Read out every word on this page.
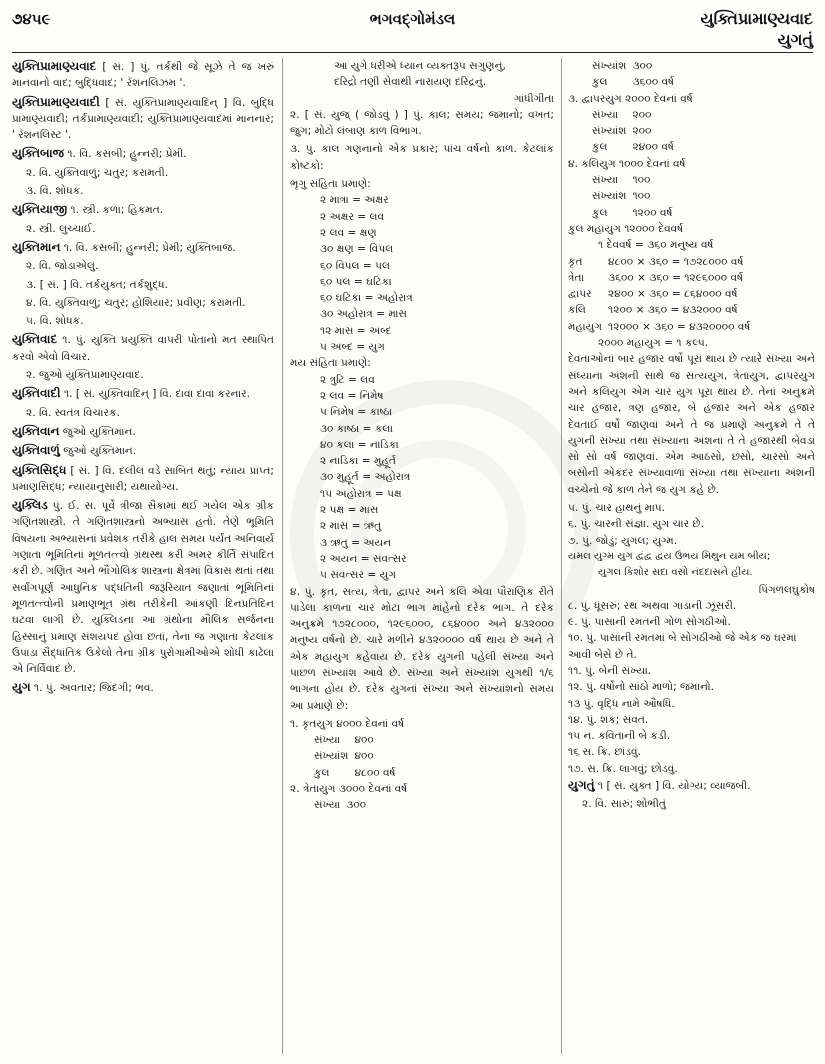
૭૪૫૯	ભગવદ્ગોમંડલ	યુક્તિપ્રામાણ્યવાદ
યુગતું

યુક્તિપ્રામાણ્યવાદ [ સં. ] પું. તર્કથી જે સૂઝે તે જ ખરું માનવાનો વાદ; બુદ્ધિવાદ; ' રૅશનલિઝમ '.

યુક્તિપ્રામાણ્યવાદી [ સં. યુક્તિપ્રામાણ્યવાદિન્ ] વિ. બુદ્ધિ પ્રામાણ્યવાદી; તર્કપ્રામાણ્યવાદી; યુક્તિપ્રામાણ્યવાદમાં માનનાર; ' રૅશનલિસ્ટ '.

યુક્તિબાજ ૧. વિ. કસબી; હુન્નરી; પ્રેમી.

૨. વિ. યુક્તિવાળું; ચતુર; કરામતી.

૩. વિ. શોધક.

યુક્તિયાજી ૧. સ્ત્રી. કળા; હિકમત.

૨. સ્ત્રી. લુચ્ચાઈ.

યુક્તિમાન ૧. વિ. કસબી; હુન્નરી; પ્રેમી; યુક્તિબાજ.

૨. વિ. જોડાએલું.

૩. [ સં. ] વિ. તર્કયુક્ત; તર્કશુદ્ધ.

૪. વિ. યુક્તિવાળું; ચતુર; હોશિયાર; પ્રવીણ; કરામતી.

૫. વિ. શોધક.

યુક્તિવાદ ૧. પું. યુક્તિ પ્રયુક્તિ વાપરી પોતાનો મત સ્થાપિત કરવો એવો વિચાર.

૨. જુઓ યુક્તિપ્રામાણ્યવાદ.

યુક્તિવાદી ૧. [ સં. યુક્તિવાદિન્ ] વિ. દાવા દાવા કરનાર.

૨. વિ. સ્વતંત્ર વિચારક.

યુક્તિવાન જુઓ યુક્તિમાન.

યુક્તિવાળું જુઓ યુક્તિમાન.

યુક્તિસિદ્ધ [ સં. ] વિ. દલીલ વડે સાબિત થતું; ન્યાય પ્રાપ્ત; પ્રમાણસિદ્ધ; ન્યાયાનુસારી; યથાયોગ્ય.

યુક્લિડ પું. ઈ. સ. પૂર્વે ત્રીજા સૈકામાં થઈ ગયેલ એક ગ્રીક ગણિતશાસ્ત્રી. તે ગણિતશાસ્ત્રનો અભ્યાસ હતો. તેણે ભૂમિતિ વિષયના અભ્યાસનાં પ્રવેશક તરીકે હાલ સમય પર્યંત અનિવાર્ય ગણાતા ભૂમિતિનાં મૂળતત્ત્વો ગ્રંથસ્થ કરી અમર કીર્તિ સંપાદિત કરી છે. ગણિત અને ભૌગોલિક શાસ્ત્રના ક્ષેત્રમાં વિકાસ થતાં તથા સર્વાંગપૂર્ણ આધુનિક પદ્ધતિની જરૂરિયાત જણાતાં ભૂમિતિનાં મૂળતત્ત્વોની પ્રમાણભૂત ગ્રંથ તરીકેની આંકણી દિનપ્રતિદિન ઘટવા લાગી છે. યુક્લિડના આ ગ્રંથોના મૌલિક સર્જનના હિસ્સાનું પ્રમાણ સંશયપદ હોવા છતાં, તેના જ ગણાતા કેટલાક ઉપાડા સૈદ્ધાંતિક ઉકેલો તેના ગ્રીક પુરોગામીઓએ શોધી કાઢેલા એ નિર્વિવાદ છે.

યુગ ૧. પું. અવતાર; જિંદગી; ભવ.

આ યુગે ધરીએ ધ્યાન વ્યક્તરૂપ સગુણનું,

દરિદ્રો તણી સેવાથી નારાયણ દરિદ્રનું.

ગાંધીગીતા

૨. [ સં. યુજ્ ( જોડવું ) ] પું. કાલ; સમય; જમાનો; વખત; જુગ; મોટો લંબાણ કાળ વિભાગ.

૩. પું. કાલ ગણનાનો એક પ્રકાર; પાંચ વર્ષનો કાળ. કેટલાંક કોષ્ટકો:

ભૃગુ સંહિતા પ્રમાણે:

૨ માત્રા = અક્ષર

૨ અક્ષર = લવ

૨ લવ = ક્ષણ

૩૦ ક્ષણ = વિપલ

૬૦ વિપલ = પલ

૬૦ પલ = ઘટિકા

૬૦ ઘટિકા = અહોરાત્ર

૩૦ અહોરાત્ર = માસ

૧૨ માસ = અબ્દ

૫ અબ્દ = યુગ

મય સંહિતા પ્રમાણે:

૨ ત્રુટિ = લવ

૨ લવ = નિમેષ

૫ નિમેષ = કાષ્ઠા

૩૦ કાષ્ઠા = કલા

૪૦ કલા = નાડિકા

૨ નાડિકા = મુહૂર્ત

૩૦ મુહૂર્ત = અહોરાત્ર

૧૫ અહોરાત્ર = પક્ષ

૨ પક્ષ = માસ

૨ માસ = ઋતુ

૩ ઋતુ = અયન

૨ અયન = સંવત્સર

૫ સંવત્સર = યુગ

૪. પું. કૃત, સત્ય, ત્રેતા, દ્વાપર અને કલિ એવા પૌરાણિક રીતે પાડેલા કાળના ચાર મોટા ભાગ માંહેનો દરેક ભાગ. તે દરેક અનુક્રમે ૧૭૨૮૦૦૦, ૧૨૯૬૦૦૦, ૮૬૪૦૦૦ અને ૪૩૨૦૦૦ મનુષ્ય વર્ષનો છે. ચારે મળીને ૪૩૨૦૦૦૦ વર્ષ થાય છે અને તે એક મહાયુગ કહેવાય છે. દરેક યુગની પહેલી સંખ્યા અને પાછળ સંખ્યાંશ આવે છે. સંખ્યા અને સંખ્યાંશ યુગથી ૧/૬ ભાગના હોય છે. દરેક યુગનાં સંખ્યા અને સંખ્યાંશનો સમય આ પ્રમાણે છે:

૧. કૃતયુગ ૪૦૦૦ દેવનાં વર્ષ

સંખ્યા	૪૦૦
સંખ્યાંશ	૪૦૦
કુલ	૪૮૦૦ વર્ષ

૨. ત્રેતાયુગ ૩૦૦૦ દેવનાં વર્ષ

સંખ્યા	૩૦૦
સંખ્યાંશ	૩૦૦
કુલ	૩૬૦૦ વર્ષ

૩. દ્વાપરયુગ ૨૦૦૦ દેવનાં વર્ષ

સંખ્યા	૨૦૦
સંખ્યાંશ	૨૦૦
કુલ	૨૪૦૦ વર્ષ

૪. કલિયુગ ૧૦૦૦ દેવનાં વર્ષ

સંખ્યા	૧૦૦
સંખ્યાંશ	૧૦૦
કુલ	૧૨૦૦ વર્ષ

કુલ મહાયુગ ૧૨૦૦૦ દેવવર્ષ

૧ દેવવર્ષ = ૩૬૦ મનુષ્ય વર્ષ

કૃત	૪૮૦૦ × ૩૬૦ = ૧૭૨૮૦૦૦ વર્ષ
ત્રેતા	૩૬૦૦ × ૩૬૦ = ૧૨૯૬૦૦૦ વર્ષ
દ્વાપર	૨૪૦૦ × ૩૬૦ = ૮૬૪૦૦૦ વર્ષ
કલિ	૧૨૦૦ × ૩૬૦ = ૪૩૨૦૦૦ વર્ષ
મહાયુગ	૧૨૦૦૦ × ૩૬૦ = ૪૩૨૦૦૦૦ વર્ષ

૨૦૦૦ મહાયુગ = ૧ કલ્પ.

દેવતાઓનાં બાર હજાર વર્ષો પૂરાં થાય છે ત્યારે સંખ્યા અને સંધ્યાના અંશની સાથે જ સત્યયુગ, ત્રેતાયુગ, દ્વાપરયુગ અને કલિયુગ એમ ચાર યુગ પૂરા થાય છે. તેનાં અનુક્રમે ચાર હજાર, ત્રણ હજાર, બે હજાર અને એક હજાર દેવતાઈ વર્ષો જાણવાં અને તે જ પ્રમાણે અનુક્રમે તે તે યુગની સંખ્યા તથા સંખ્યાના અંશનાં તે તે હજારથી બેવડાં સો સો વર્ષ જાણવાં. એમ આઠસો, છસો, ચારસો અને બસોની એકંદર સંખ્યાવાળાં સંખ્યા તથા સંખ્યાના અંશની વચ્ચેનો જે કાળ તેને જ યુગ કહે છે.

૫. પું. ચાર હાથનું માપ.

૬. પું. ચારની સંજ્ઞા. યુગ ચાર છે.

૭. પું. જોડું; યુગલ; યુગ્મ.

યમલ યુગ્મ યુગ દ્વંદ્વ દ્વય ઉભય મિથુન યમ બીય;

યુગલ કિશોર સદા વસો નંદદાસને હીય.

પિંગળલઘુકોષ

૮. પું. ધૂંસરું; રથ અથવા ગાડાની ઝૂંસરી.

૯. પું. પાસાની રમતની ગોળ સોગઠીઓ.

૧૦. પું. પાસાની રમતમાં બે સોગઠીઓ જે એક જ ઘરમાં આવી બેસે છે તે.

૧૧. પું. બેની સંખ્યા.

૧૨. પું. વર્ષોનો સાંઠો માળો; જમાનો.

૧૩ પું. વૃદ્ધિ નામે ઔષધિ.

૧૪. પું. શક; સંવત.

૧૫ ન. કવિતાની બે કડી.

૧૬ સ. ક્રિ. છાંડવું.

૧૭. સ. ક્રિ. લાગવું; છોડવું.

યુગતું ૧ [ સં. યુક્ત ] વિ. યોગ્ય; વ્યાજબી.

૨. વિ. સારું; શોભીતું
